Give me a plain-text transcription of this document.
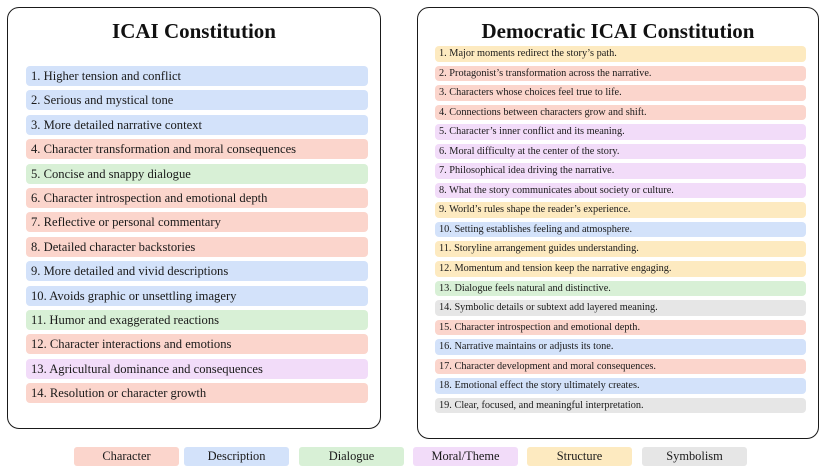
ICAI Constitution
1. Higher tension and conflict
2. Serious and mystical tone
3. More detailed narrative context
4. Character transformation and moral consequences
5. Concise and snappy dialogue
6. Character introspection and emotional depth
7. Reflective or personal commentary
8. Detailed character backstories
9. More detailed and vivid descriptions
10. Avoids graphic or unsettling imagery
11. Humor and exaggerated reactions
12. Character interactions and emotions
13. Agricultural dominance and consequences
14. Resolution or character growth
Democratic ICAI Constitution
1. Major moments redirect the story’s path.
2. Protagonist’s transformation across the narrative.
3. Characters whose choices feel true to life.
4. Connections between characters grow and shift.
5. Character’s inner conflict and its meaning.
6. Moral difficulty at the center of the story.
7. Philosophical idea driving the narrative.
8. What the story communicates about society or culture.
9. World’s rules shape the reader’s experience.
10. Setting establishes feeling and atmosphere.
11. Storyline arrangement guides understanding.
12. Momentum and tension keep the narrative engaging.
13. Dialogue feels natural and distinctive.
14. Symbolic details or subtext add layered meaning.
15. Character introspection and emotional depth.
16. Narrative maintains or adjusts its tone.
17. Character development and moral consequences.
18. Emotional effect the story ultimately creates.
19. Clear, focused, and meaningful interpretation.
Character	Description	Dialogue	Moral/Theme	Structure	Symbolism
